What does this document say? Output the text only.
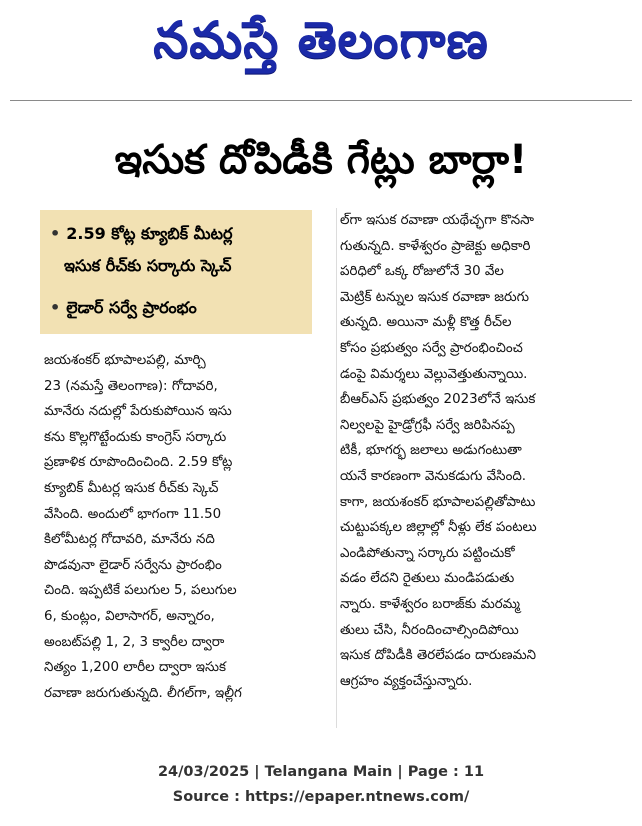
నమస్తే తెలంగాణ
ఇసుక దోపిడీకి గేట్లు బార్లా!
• 2.59 కోట్ల క్యూబిక్ మీటర్ల
ఇసుక రీచ్‌కు సర్కారు స్కెచ్
• లైడార్ సర్వే ప్రారంభం
జయశంకర్ భూపాలపల్లి, మార్చి
23 (నమస్తే తెలంగాణ): గోదావరి,
మానేరు నదుల్లో పేరుకుపోయిన ఇసు
కను కొల్లగొట్టేందుకు కాంగ్రెస్ సర్కారు
ప్రణాళిక రూపొందించింది. 2.59 కోట్ల
క్యూబిక్ మీటర్ల ఇసుక రీచ్‌కు స్కెచ్
వేసింది. అందులో భాగంగా 11.50
కిలోమీటర్ల గోదావరి, మానేరు నది
పొడవునా లైడార్ సర్వేను ప్రారంభిం
చింది. ఇప్పటికే పలుగుల 5, పలుగుల
6, కుంట్లం, విలాసాగర్, అన్నారం,
అంబట్‌పల్లి 1, 2, 3 క్వారీల ద్వారా
నిత్యం 1,200 లారీల ద్వారా ఇసుక
రవాణా జరుగుతున్నది. లీగల్‌గా, ఇల్లీగ
ల్‌గా ఇసుక రవాణా యథేచ్ఛగా కొనసా
గుతున్నది. కాళేశ్వరం ప్రాజెక్టు అధికారి
పరిధిలో ఒక్క రోజులోనే 30 వేల
మెట్రిక్ టన్నుల ఇసుక రవాణా జరుగు
తున్నది. అయినా మళ్లీ కొత్త రీచ్‌ల
కోసం ప్రభుత్వం సర్వే ప్రారంభించించ
డంపై విమర్శలు వెల్లువెత్తుతున్నాయి.
బీఆర్ఎస్ ప్రభుత్వం 2023లోనే ఇసుక
నిల్వలపై హైడ్రోగ్రఫీ సర్వే జరిపినప్ప
టికీ, భూగర్భ జలాలు అడుగంటుతా
యనే కారణంగా వెనుకడుగు వేసింది.
కాగా, జయశంకర్ భూపాలపల్లితోపాటు
చుట్టుపక్కల జిల్లాల్లో నీళ్లు లేక పంటలు
ఎండిపోతున్నా సర్కారు పట్టించుకో
వడం లేదని రైతులు మండిపడుతు
న్నారు. కాళేశ్వరం బరాజ్‌కు మరమ్మ
తులు చేసి, నీరందించాల్సిందిపోయి
ఇసుక దోపిడీకి తెరలేపడం దారుణమని
ఆగ్రహం వ్యక్తంచేస్తున్నారు.
24/03/2025 | Telangana Main | Page : 11
Source : https://epaper.ntnews.com/
